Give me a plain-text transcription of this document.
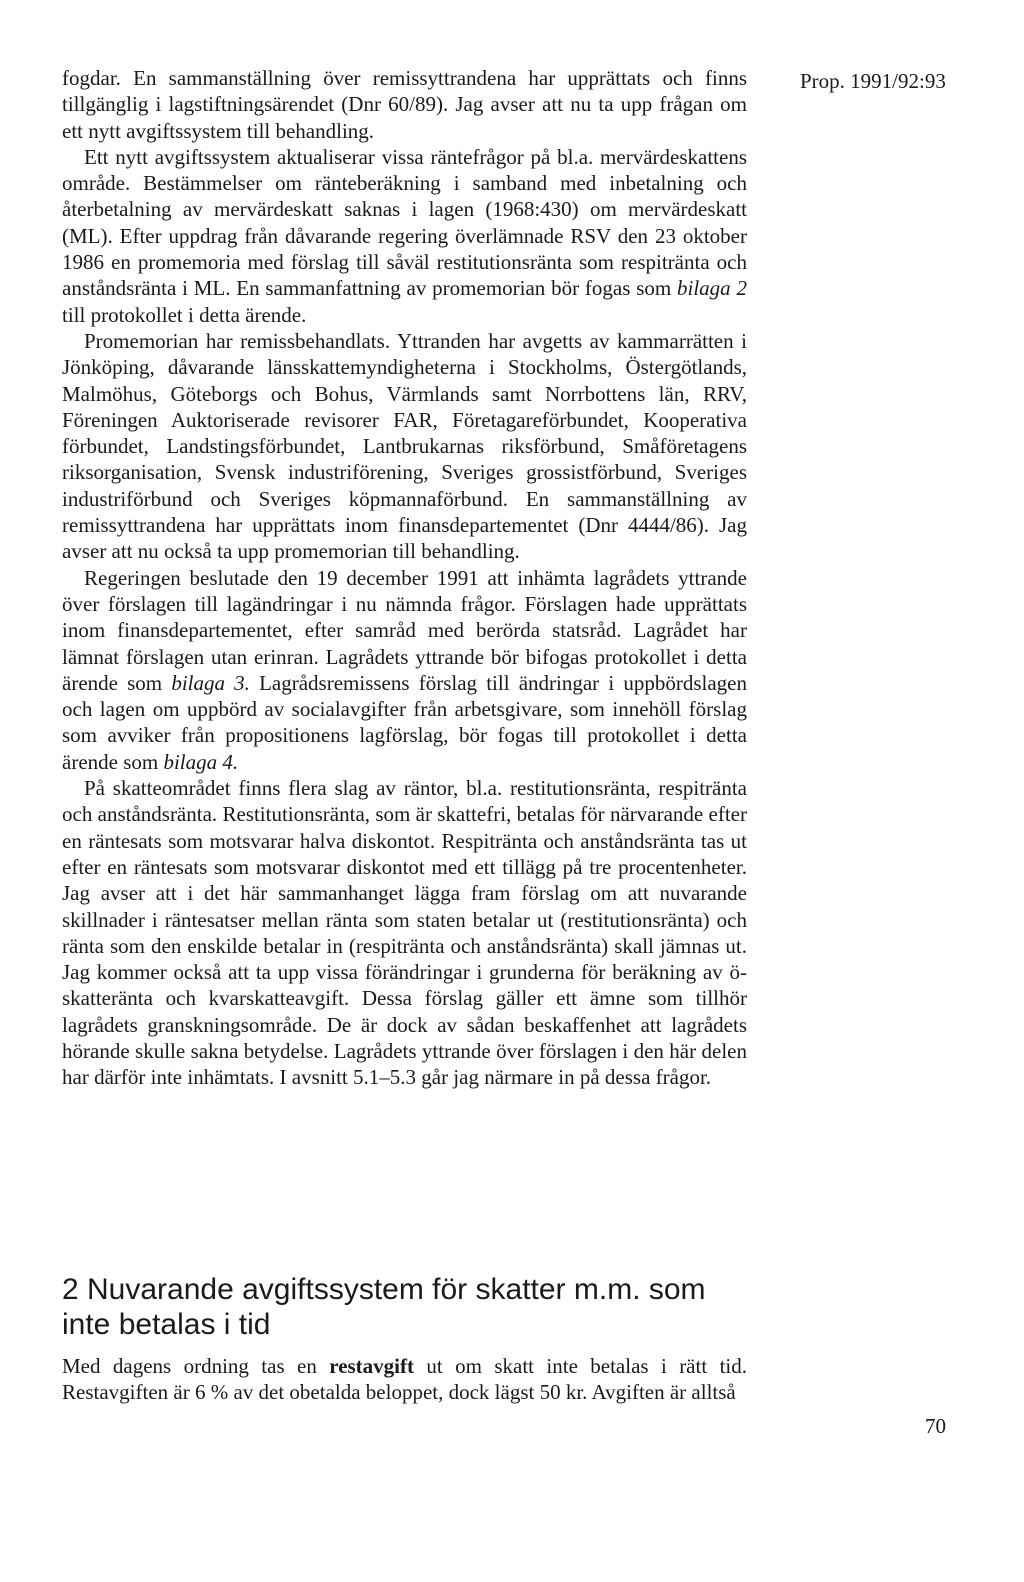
Prop. 1991/92:93

fogdar. En sammanställning över remissyttrandena har upprättats och finns tillgänglig i lagstiftningsärendet (Dnr 60/89). Jag avser att nu ta upp frågan om ett nytt avgiftssystem till behandling.

Ett nytt avgiftssystem aktualiserar vissa räntefrågor på bl.a. mervärdeskattens område. Bestämmelser om ränteberäkning i samband med inbetalning och återbetalning av mervärdeskatt saknas i lagen (1968:430) om mervärdeskatt (ML). Efter uppdrag från dåvarande regering överlämnade RSV den 23 oktober 1986 en promemoria med förslag till såväl restitutionsränta som respitränta och anståndsränta i ML. En sammanfattning av promemorian bör fogas som bilaga 2 till protokollet i detta ärende.

Promemorian har remissbehandlats. Yttranden har avgetts av kammarrätten i Jönköping, dåvarande länsskattemyndigheterna i Stockholms, Östergötlands, Malmöhus, Göteborgs och Bohus, Värmlands samt Norrbottens län, RRV, Föreningen Auktoriserade revisorer FAR, Företagareförbundet, Kooperativa förbundet, Landstingsförbundet, Lantbrukarnas riksförbund, Småföretagens riksorganisation, Svensk industriförening, Sveriges grossistförbund, Sveriges industriförbund och Sveriges köpmannaförbund. En sammanställning av remissyttrandena har upprättats inom finansdepartementet (Dnr 4444/86). Jag avser att nu också ta upp promemorian till behandling.

Regeringen beslutade den 19 december 1991 att inhämta lagrådets yttrande över förslagen till lagändringar i nu nämnda frågor. Förslagen hade upprättats inom finansdepartementet, efter samråd med berörda statsråd. Lagrådet har lämnat förslagen utan erinran. Lagrådets yttrande bör bifogas protokollet i detta ärende som bilaga 3. Lagrådsremissens förslag till ändringar i uppbördslagen och lagen om uppbörd av socialavgifter från arbetsgivare, som innehöll förslag som avviker från propositionens lagförslag, bör fogas till protokollet i detta ärende som bilaga 4.

På skatteområdet finns flera slag av räntor, bl.a. restitutionsränta, respitränta och anståndsränta. Restitutionsränta, som är skattefri, betalas för närvarande efter en räntesats som motsvarar halva diskontot. Respitränta och anståndsränta tas ut efter en räntesats som motsvarar diskontot med ett tillägg på tre procentenheter. Jag avser att i det här sammanhanget lägga fram förslag om att nuvarande skillnader i räntesatser mellan ränta som staten betalar ut (restitutionsränta) och ränta som den enskilde betalar in (respitränta och anståndsränta) skall jämnas ut. Jag kommer också att ta upp vissa förändringar i grunderna för beräkning av ö-skatteränta och kvarskatteavgift. Dessa förslag gäller ett ämne som tillhör lagrådets granskningsområde. De är dock av sådan beskaffenhet att lagrådets hörande skulle sakna betydelse. Lagrådets yttrande över förslagen i den här delen har därför inte inhämtats. I avsnitt 5.1–5.3 går jag närmare in på dessa frågor.

2 Nuvarande avgiftssystem för skatter m.m. som inte betalas i tid

Med dagens ordning tas en restavgift ut om skatt inte betalas i rätt tid. Restavgiften är 6 % av det obetalda beloppet, dock lägst 50 kr. Avgiften är alltså

70
